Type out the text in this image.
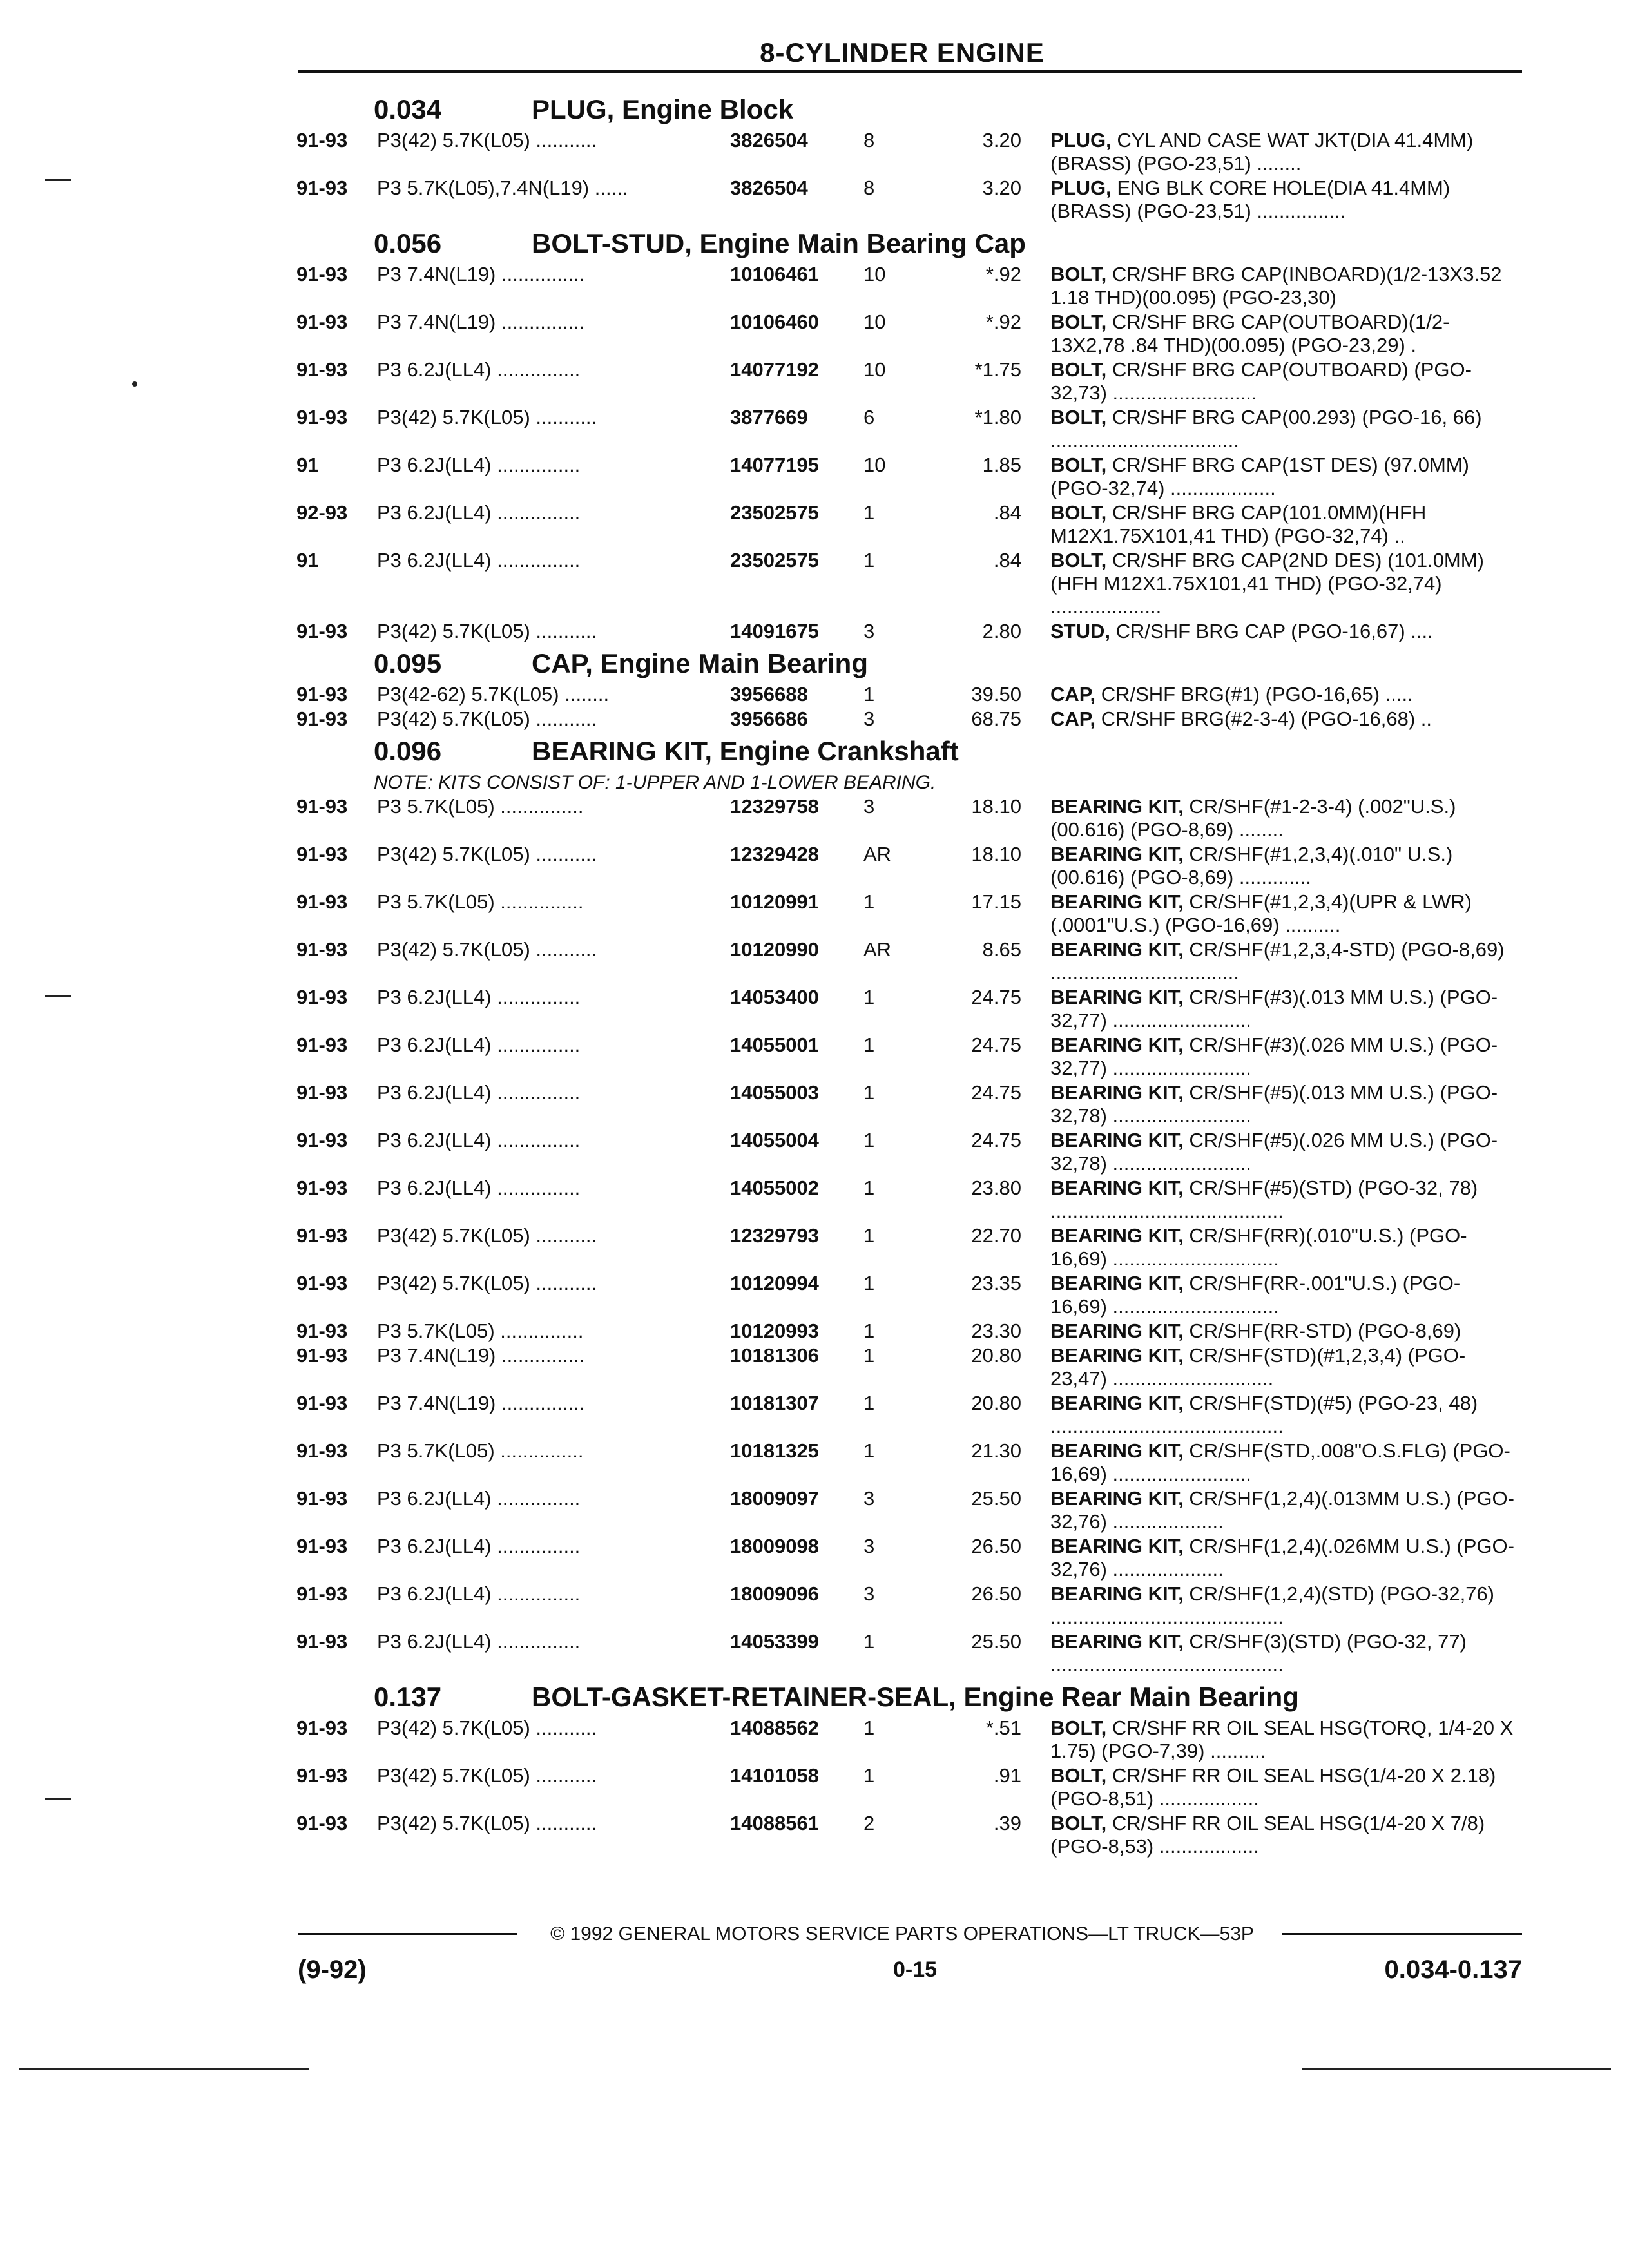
8-CYLINDER ENGINE
0.034	PLUG, Engine Block
91-93 P3(42) 5.7K(L05) ...........	3826504	8	3.20 PLUG, CYL AND CASE WAT JKT(DIA 41.4MM)(BRASS) (PGO-23,51) ........
91-93 P3 5.7K(L05),7.4N(L19) ......	3826504	8	3.20 PLUG, ENG BLK CORE HOLE(DIA 41.4MM) (BRASS) (PGO-23,51) ................
0.056	BOLT-STUD, Engine Main Bearing Cap
91-93 P3 7.4N(L19) ...............	10106461 10	*.92 BOLT, CR/SHF BRG CAP(INBOARD)(1/2-13X3.52 1.18 THD)(00.095) (PGO-23,30)
91-93 P3 7.4N(L19) ...............	10106460 10	*.92 BOLT, CR/SHF BRG CAP(OUTBOARD)(1/2-13X2,78 .84 THD)(00.095) (PGO-23,29) .
91-93 P3 6.2J(LL4) ...............	14077192 10	*1.75 BOLT, CR/SHF BRG CAP(OUTBOARD) (PGO-32,73) ..........................
91-93 P3(42) 5.7K(L05) ...........	3877669	6	*1.80 BOLT, CR/SHF BRG CAP(00.293) (PGO-16, 66) ..................................
91	P3 6.2J(LL4) ...............	14077195 10	1.85 BOLT, CR/SHF BRG CAP(1ST DES) (97.0MM) (PGO-32,74) ...................
92-93 P3 6.2J(LL4) ...............	23502575 1	.84 BOLT, CR/SHF BRG CAP(101.0MM)(HFH M12X1.75X101,41 THD) (PGO-32,74) ..
91	P3 6.2J(LL4) ...............	23502575 1	.84 BOLT, CR/SHF BRG CAP(2ND DES) (101.0MM)(HFH M12X1.75X101,41 THD) (PGO-32,74) ....................
91-93 P3(42) 5.7K(L05) ...........	14091675 3	2.80 STUD, CR/SHF BRG CAP (PGO-16,67) ....
0.095	CAP, Engine Main Bearing
91-93 P3(42-62) 5.7K(L05) ........	3956688	1	39.50 CAP, CR/SHF BRG(#1) (PGO-16,65) .....
91-93 P3(42) 5.7K(L05) ...........	3956686	3	68.75 CAP, CR/SHF BRG(#2-3-4) (PGO-16,68) ..
0.096	BEARING KIT, Engine Crankshaft
NOTE: KITS CONSIST OF: 1-UPPER AND 1-LOWER BEARING.
91-93 P3 5.7K(L05) ...............	12329758 3	18.10 BEARING KIT, CR/SHF(#1-2-3-4) (.002"U.S.)(00.616) (PGO-8,69) ........
91-93 P3(42) 5.7K(L05) ...........	12329428 AR	18.10 BEARING KIT, CR/SHF(#1,2,3,4)(.010" U.S.)(00.616) (PGO-8,69) .............
91-93 P3 5.7K(L05) ...............	10120991 1	17.15 BEARING KIT, CR/SHF(#1,2,3,4)(UPR & LWR)(.0001"U.S.) (PGO-16,69) ..........
91-93 P3(42) 5.7K(L05) ...........	10120990 AR	8.65 BEARING KIT, CR/SHF(#1,2,3,4-STD) (PGO-8,69) ..................................
91-93 P3 6.2J(LL4) ...............	14053400 1	24.75 BEARING KIT, CR/SHF(#3)(.013 MM U.S.) (PGO-32,77) .........................
91-93 P3 6.2J(LL4) ...............	14055001 1	24.75 BEARING KIT, CR/SHF(#3)(.026 MM U.S.) (PGO-32,77) .........................
91-93 P3 6.2J(LL4) ...............	14055003 1	24.75 BEARING KIT, CR/SHF(#5)(.013 MM U.S.) (PGO-32,78) .........................
91-93 P3 6.2J(LL4) ...............	14055004 1	24.75 BEARING KIT, CR/SHF(#5)(.026 MM U.S.) (PGO-32,78) .........................
91-93 P3 6.2J(LL4) ...............	14055002 1	23.80 BEARING KIT, CR/SHF(#5)(STD) (PGO-32, 78) ..........................................
91-93 P3(42) 5.7K(L05) ...........	12329793 1	22.70 BEARING KIT, CR/SHF(RR)(.010"U.S.) (PGO-16,69) ..............................
91-93 P3(42) 5.7K(L05) ...........	10120994 1	23.35 BEARING KIT, CR/SHF(RR-.001"U.S.) (PGO-16,69) ..............................
91-93 P3 5.7K(L05) ...............	10120993 1	23.30 BEARING KIT, CR/SHF(RR-STD) (PGO-8,69)
91-93 P3 7.4N(L19) ...............	10181306 1	20.80 BEARING KIT, CR/SHF(STD)(#1,2,3,4) (PGO-23,47) .............................
91-93 P3 7.4N(L19) ...............	10181307 1	20.80 BEARING KIT, CR/SHF(STD)(#5) (PGO-23, 48) ..........................................
91-93 P3 5.7K(L05) ...............	10181325 1	21.30 BEARING KIT, CR/SHF(STD,.008"O.S.FLG) (PGO-16,69) .........................
91-93 P3 6.2J(LL4) ...............	18009097 3	25.50 BEARING KIT, CR/SHF(1,2,4)(.013MM U.S.) (PGO-32,76) ....................
91-93 P3 6.2J(LL4) ...............	18009098 3	26.50 BEARING KIT, CR/SHF(1,2,4)(.026MM U.S.) (PGO-32,76) ....................
91-93 P3 6.2J(LL4) ...............	18009096 3	26.50 BEARING KIT, CR/SHF(1,2,4)(STD) (PGO-32,76) ..........................................
91-93 P3 6.2J(LL4) ...............	14053399 1	25.50 BEARING KIT, CR/SHF(3)(STD) (PGO-32, 77) ..........................................
0.137	BOLT-GASKET-RETAINER-SEAL, Engine Rear Main Bearing
91-93 P3(42) 5.7K(L05) ...........	14088562 1	*.51 BOLT, CR/SHF RR OIL SEAL HSG(TORQ, 1/4-20 X 1.75) (PGO-7,39) ..........
91-93 P3(42) 5.7K(L05) ...........	14101058 1	.91 BOLT, CR/SHF RR OIL SEAL HSG(1/4-20 X 2.18) (PGO-8,51) ..................
91-93 P3(42) 5.7K(L05) ...........	14088561 2	.39 BOLT, CR/SHF RR OIL SEAL HSG(1/4-20 X 7/8) (PGO-8,53) ..................
© 1992 GENERAL MOTORS SERVICE PARTS OPERATIONS—LT TRUCK—53P
(9-92)	0-15	0.034-0.137
